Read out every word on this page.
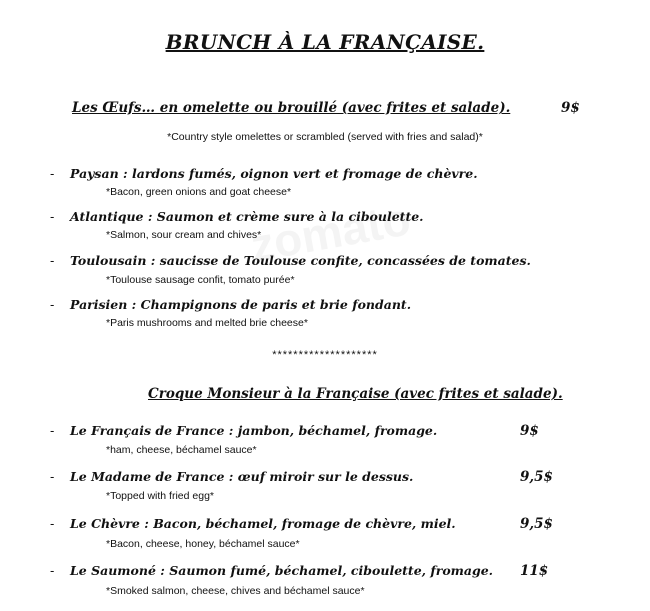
BRUNCH À LA FRANÇAISE.
Les Œufs… en omelette ou brouillé (avec frites et salade).	9$
*Country style omelettes or scrambled (served with fries and salad)*
- Paysan : lardons fumés, oignon vert et fromage de chèvre.
*Bacon, green onions and goat cheese*
- Atlantique : Saumon et crème sure à la ciboulette.
*Salmon, sour cream and chives*
- Toulousain : saucisse de Toulouse confite, concassées de tomates.
*Toulouse sausage confit, tomato purée*
- Parisien : Champignons de paris et brie fondant.
*Paris mushrooms and melted brie cheese*
********************
Croque Monsieur à la Française (avec frites et salade).
- Le Français de France : jambon, béchamel, fromage.	9$
*ham, cheese, béchamel sauce*
- Le Madame de France : œuf miroir sur le dessus.	9,5$
*Topped with fried egg*
- Le Chèvre : Bacon, béchamel, fromage de chèvre, miel.	9,5$
*Bacon, cheese, honey, béchamel sauce*
- Le Saumoné : Saumon fumé, béchamel, ciboulette, fromage. 11$
*Smoked salmon, cheese, chives and béchamel sauce*
